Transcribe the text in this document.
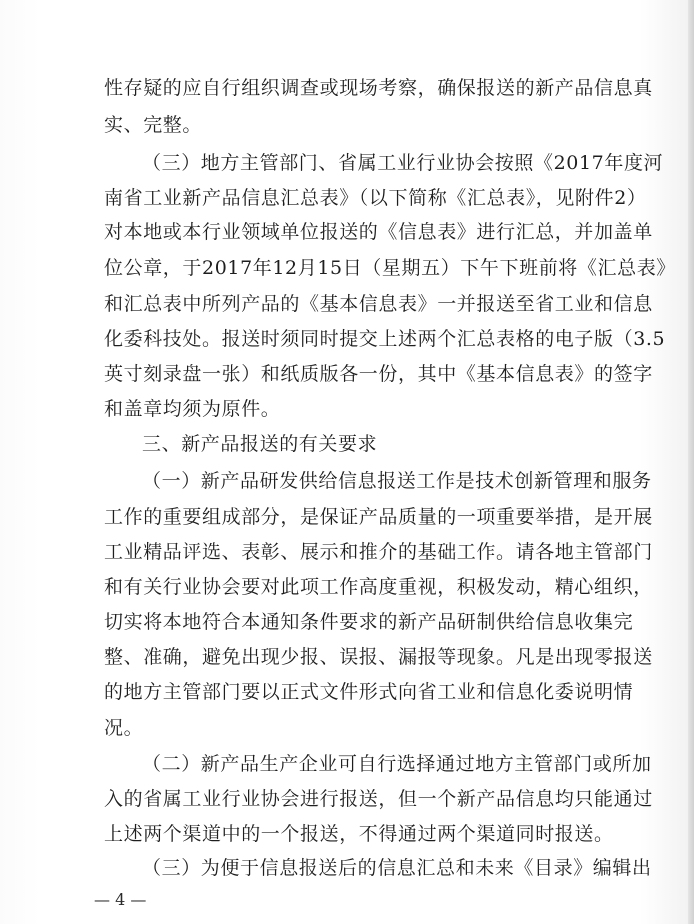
性存疑的应自行组织调查或现场考察，确保报送的新产品信息真
实、完整。
（三）地方主管部门、省属工业行业协会按照《2017年度河
南省工业新产品信息汇总表》（以下简称《汇总表》，见附件2）
对本地或本行业领域单位报送的《信息表》进行汇总，并加盖单
位公章，于2017年12月15日（星期五）下午下班前将《汇总表》
和汇总表中所列产品的《基本信息表》一并报送至省工业和信息
化委科技处。报送时须同时提交上述两个汇总表格的电子版（3.5
英寸刻录盘一张）和纸质版各一份，其中《基本信息表》的签字
和盖章均须为原件。
三、新产品报送的有关要求
（一）新产品研发供给信息报送工作是技术创新管理和服务
工作的重要组成部分，是保证产品质量的一项重要举措，是开展
工业精品评选、表彰、展示和推介的基础工作。请各地主管部门
和有关行业协会要对此项工作高度重视，积极发动，精心组织，
切实将本地符合本通知条件要求的新产品研制供给信息收集完
整、准确，避免出现少报、误报、漏报等现象。凡是出现零报送
的地方主管部门要以正式文件形式向省工业和信息化委说明情
况。
（二）新产品生产企业可自行选择通过地方主管部门或所加
入的省属工业行业协会进行报送，但一个新产品信息均只能通过
上述两个渠道中的一个报送，不得通过两个渠道同时报送。
（三）为便于信息报送后的信息汇总和未来《目录》编辑出
— 4 —
